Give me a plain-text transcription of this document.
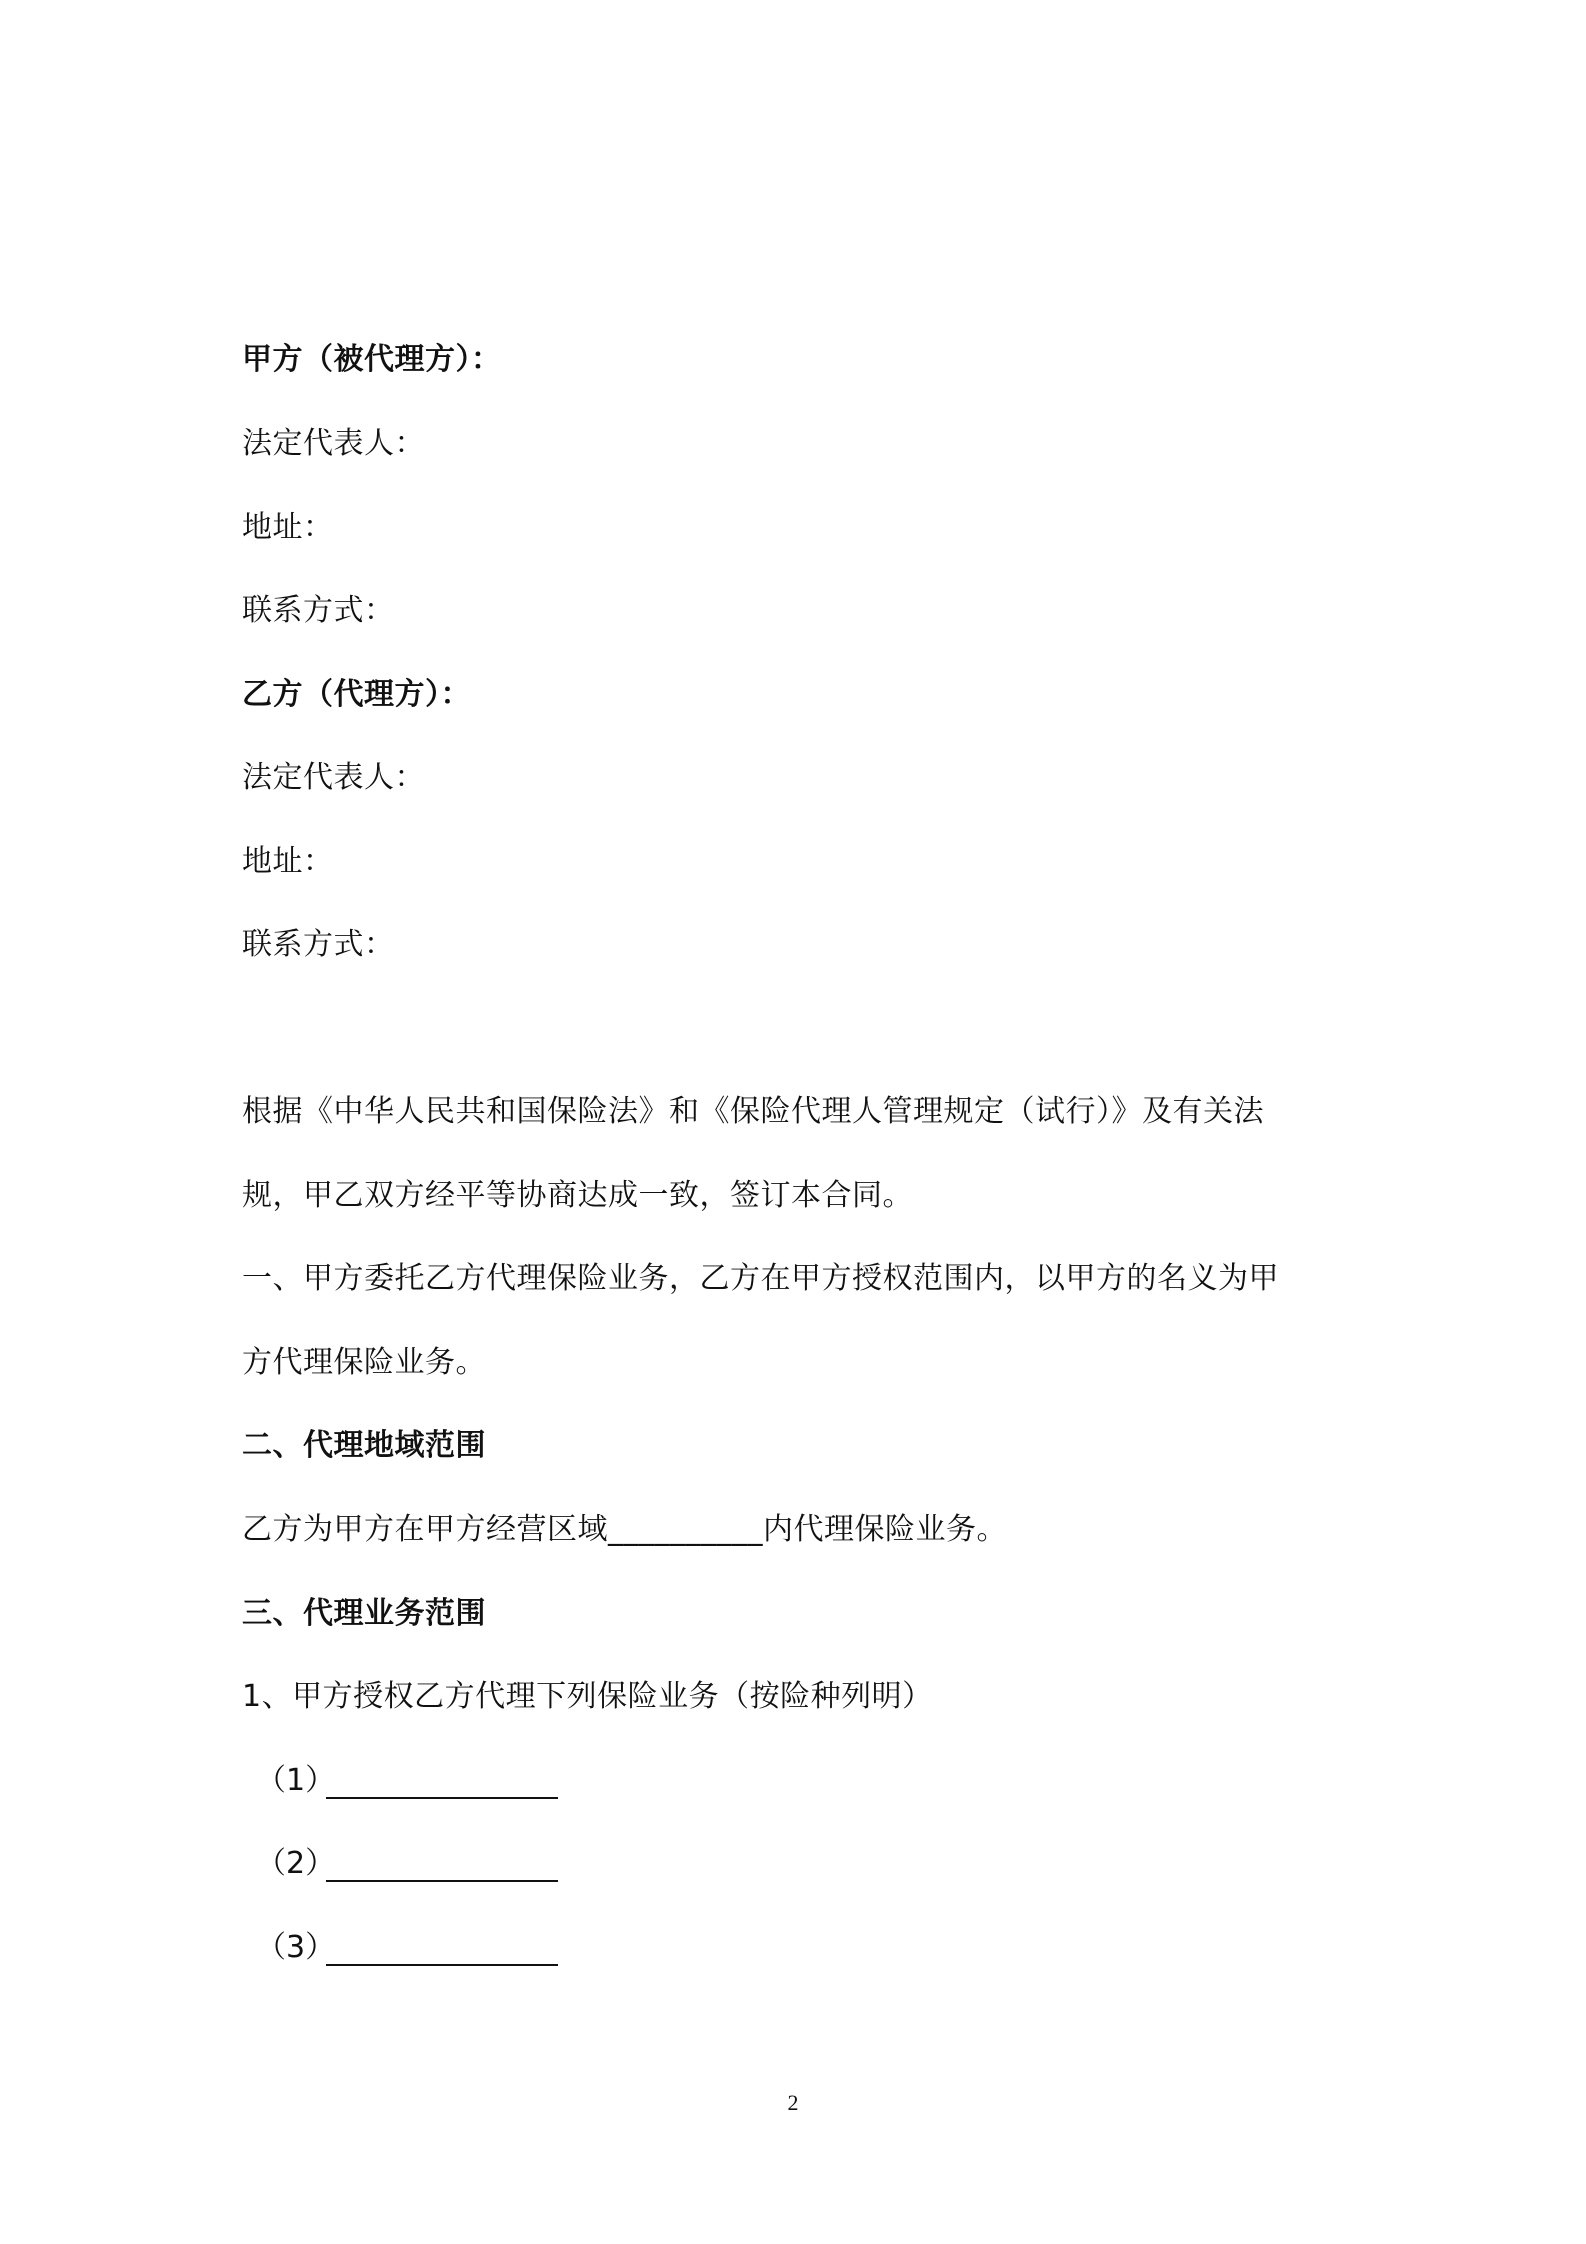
甲方（被代理方）：
法定代表人：
地址：
联系方式：
乙方（代理方）：
法定代表人：
地址：
联系方式：
根据《中华人民共和国保险法》和《保险代理人管理规定（试行）》及有关法
规，甲乙双方经平等协商达成一致，签订本合同。
一、甲方委托乙方代理保险业务，乙方在甲方授权范围内，以甲方的名义为甲
方代理保险业务。
二、代理地域范围
乙方为甲方在甲方经营区域__________内代理保险业务。
三、代理业务范围
1、甲方授权乙方代理下列保险业务（按险种列明）
（1）
（2）
（3）
2
